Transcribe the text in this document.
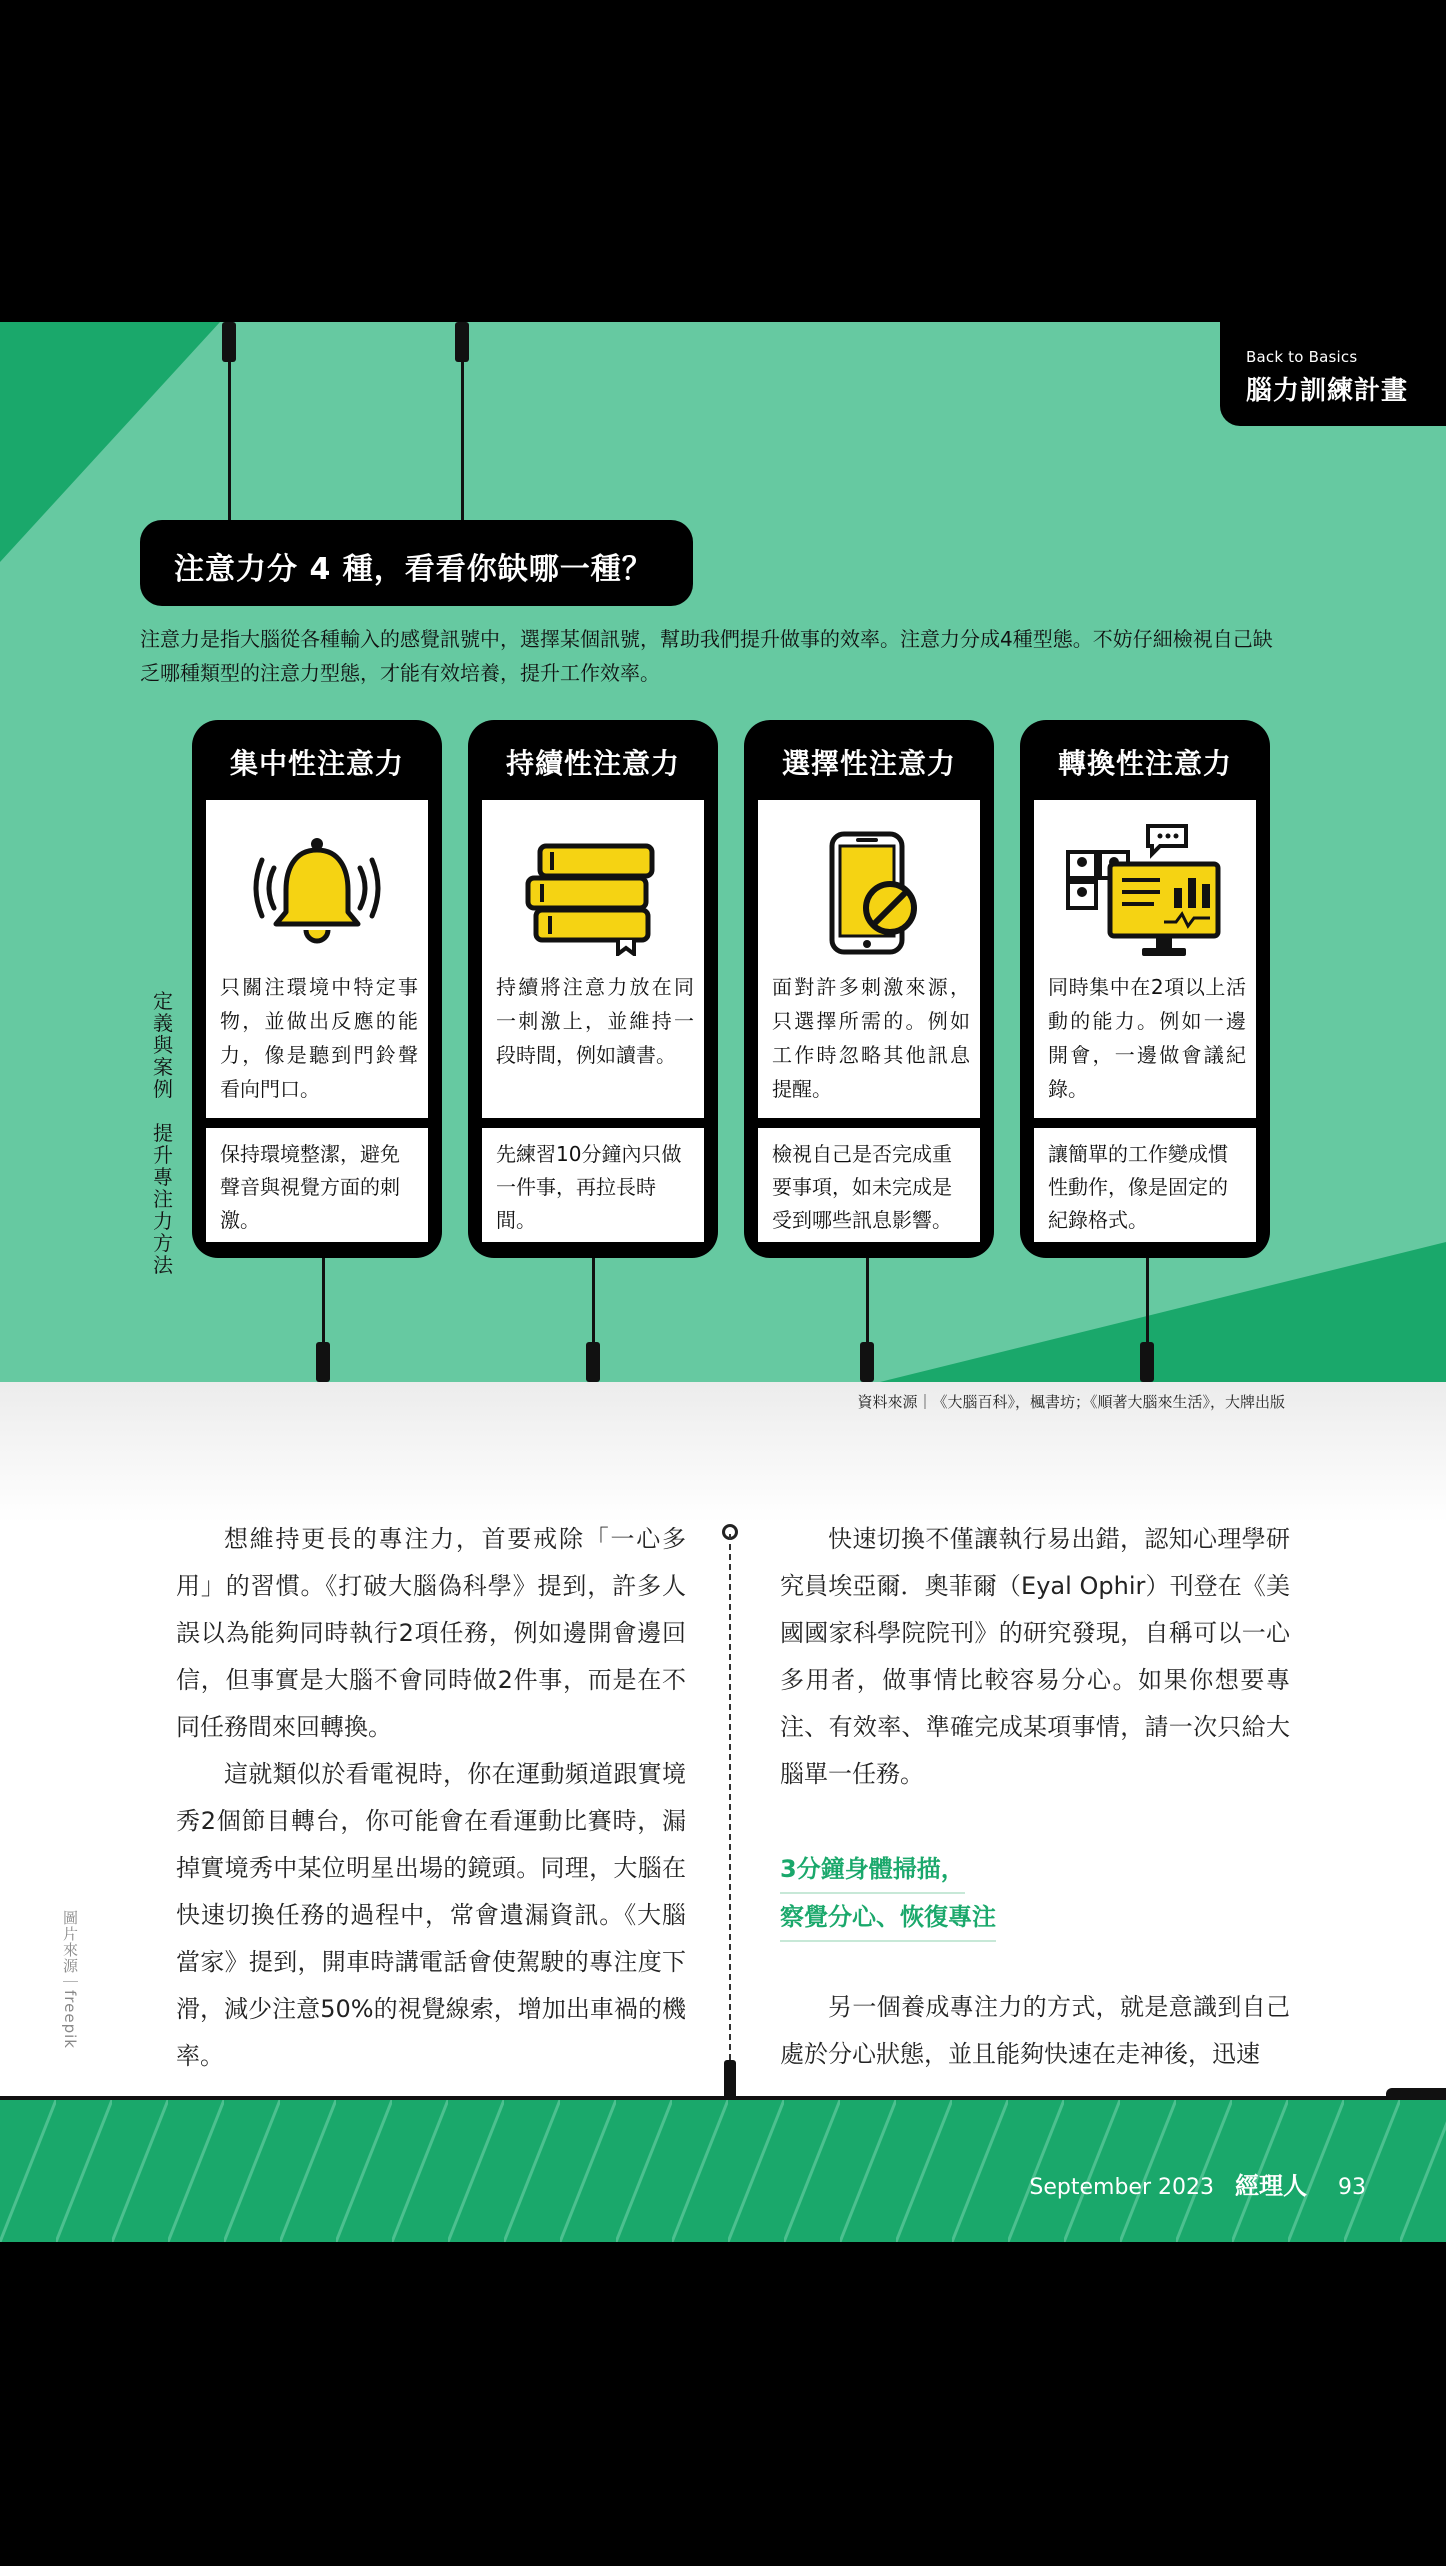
Back to Basics
腦力訓練計畫
注意力分 4 種，看看你缺哪一種？
注意力是指大腦從各種輸入的感覺訊號中，選擇某個訊號，幫助我們提升做事的效率。注意力分成4種型態。不妨仔細檢視自己缺乏哪種類型的注意力型態，才能有效培養，提升工作效率。
定義與案例
提升專注力方法
集中性注意力
只關注環境中特定事物，並做出反應的能力，像是聽到門鈴聲看向門口。
保持環境整潔，避免聲音與視覺方面的刺激。
持續性注意力
持續將注意力放在同一刺激上，並維持一段時間，例如讀書。
先練習10分鐘內只做一件事，再拉長時間。
選擇性注意力
面對許多刺激來源，只選擇所需的。例如工作時忽略其他訊息提醒。
檢視自己是否完成重要事項，如未完成是受到哪些訊息影響。
轉換性注意力
同時集中在2項以上活動的能力。例如一邊開會，一邊做會議紀錄。
讓簡單的工作變成慣性動作，像是固定的紀錄格式。
資料來源｜《大腦百科》，楓書坊；《順著大腦來生活》，大牌出版

想維持更長的專注力，首要戒除「一心多用」的習慣。《打破大腦偽科學》提到，許多人誤以為能夠同時執行2項任務，例如邊開會邊回信，但事實是大腦不會同時做2件事，而是在不同任務間來回轉換。

這就類似於看電視時，你在運動頻道跟實境秀2個節目轉台，你可能會在看運動比賽時，漏掉實境秀中某位明星出場的鏡頭。同理，大腦在快速切換任務的過程中，常會遺漏資訊。《大腦當家》提到，開車時講電話會使駕駛的專注度下滑，減少注意50%的視覺線索，增加出車禍的機率。

快速切換不僅讓執行易出錯，認知心理學研究員埃亞爾．奧菲爾（Eyal Ophir）刊登在《美國國家科學院院刊》的研究發現，自稱可以一心多用者，做事情比較容易分心。如果你想要專注、有效率、準確完成某項事情，請一次只給大腦單一任務。

3分鐘身體掃描，
察覺分心、恢復專注

另一個養成專注力的方式，就是意識到自己處於分心狀態，並且能夠快速在走神後，迅速

圖片來源｜freepik
September 2023 經理人 93
